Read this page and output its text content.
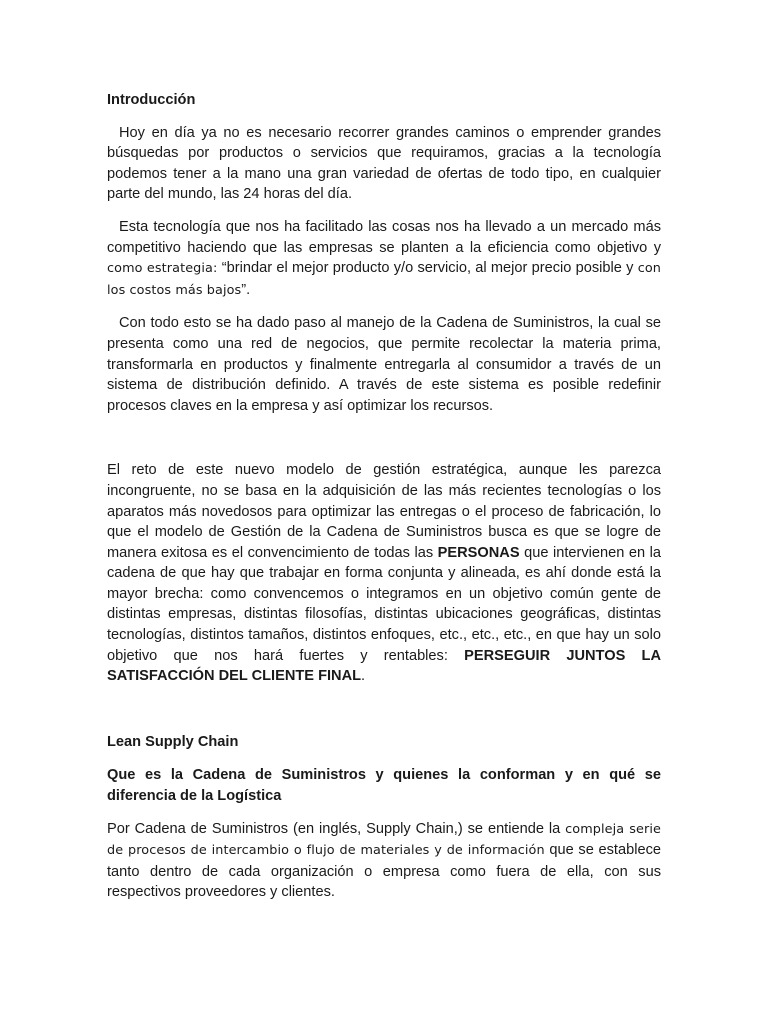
Introducción

Hoy en día ya no es necesario recorrer grandes caminos o emprender grandes búsquedas por productos o servicios que requiramos, gracias a la tecnología podemos tener a la mano una gran variedad de ofertas de todo tipo, en cualquier parte del mundo, las 24 horas del día.

Esta tecnología que nos ha facilitado las cosas nos ha llevado a un mercado más competitivo haciendo que las empresas se planten a la eficiencia como objetivo y como estrategia: “brindar el mejor producto y/o servicio, al mejor precio posible y con los costos más bajos”.

Con todo esto se ha dado paso al manejo de la Cadena de Suministros, la cual se presenta como una red de negocios, que permite recolectar la materia prima, transformarla en productos y finalmente entregarla al consumidor a través de un sistema de distribución definido. A través de este sistema es posible redefinir procesos claves en la empresa y así optimizar los recursos.

El reto de este nuevo modelo de gestión estratégica, aunque les parezca incongruente, no se basa en la adquisición de las más recientes tecnologías o los aparatos más novedosos para optimizar las entregas o el proceso de fabricación, lo que el modelo de Gestión de la Cadena de Suministros busca es que se logre de manera exitosa es el convencimiento de todas las PERSONAS que intervienen en la cadena de que hay que trabajar en forma conjunta y alineada, es ahí donde está la mayor brecha: como convencemos o integramos en un objetivo común gente de distintas empresas, distintas filosofías, distintas ubicaciones geográficas, distintas tecnologías, distintos tamaños, distintos enfoques, etc., etc., etc., en que hay un solo objetivo que nos hará fuertes y rentables: PERSEGUIR JUNTOS LA SATISFACCIÓN DEL CLIENTE FINAL.

Lean Supply Chain
Que es la Cadena de Suministros y quienes la conforman y en qué se diferencia de la Logística

Por Cadena de Suministros (en inglés, Supply Chain,) se entiende la compleja serie de procesos de intercambio o flujo de materiales y de información que se establece tanto dentro de cada organización o empresa como fuera de ella, con sus respectivos proveedores y clientes.
